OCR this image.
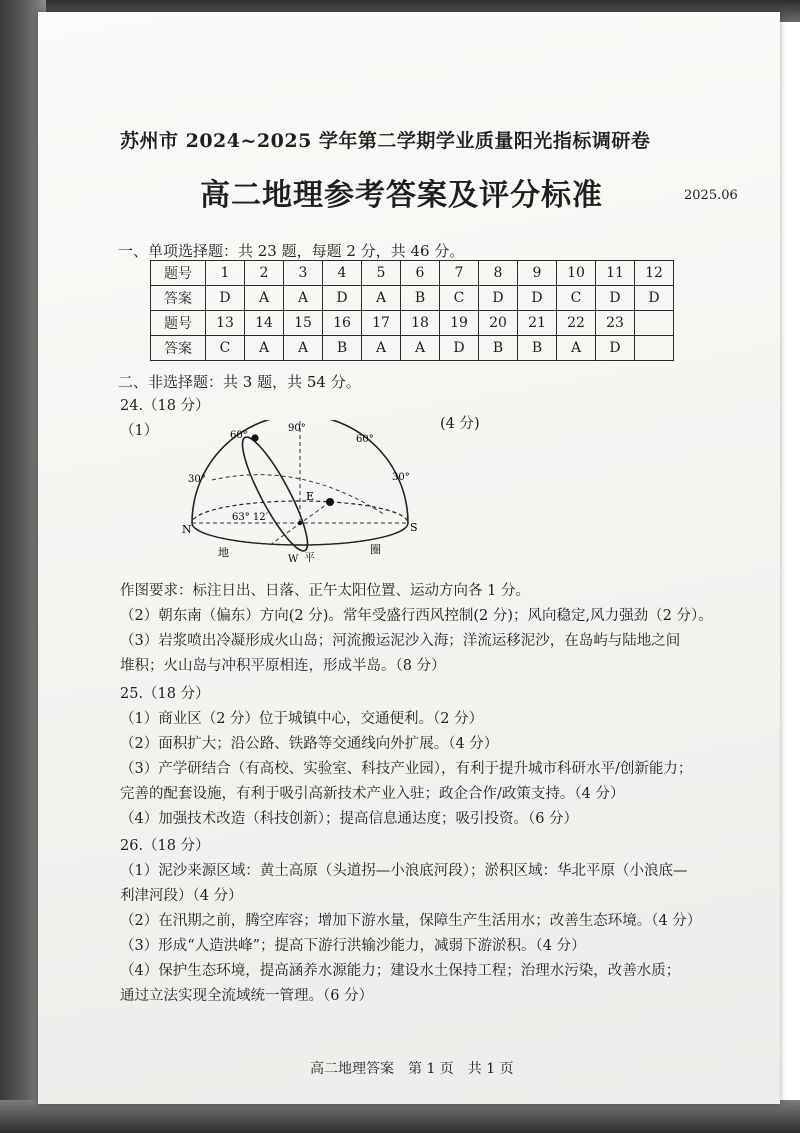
苏州市 2024~2025 学年第二学期学业质量阳光指标调研卷
高二地理参考答案及评分标准	2025.06
一、单项选择题：共 23 题，每题 2 分，共 46 分。
题号	1	2	3	4	5	6	7	8	9	10	11	12
答案	D	A	A	D	A	B	C	D	D	C	D	D
题号	13	14	15	16	17	18	19	20	21	22	23	
答案	C	A	A	B	A	A	D	B	B	A	D	
二、非选择题：共 3 题，共 54 分。
24.（18 分）
（1）	(4 分)
90°
60°	60°
30°	30°
N	S
E
W
63° 12′
地	平
圈
作图要求：标注日出、日落、正午太阳位置、运动方向各 1 分。
（2）朝东南（偏东）方向(2 分)。常年受盛行西风控制(2 分)；风向稳定,风力强劲（2 分）。
（3）岩浆喷出冷凝形成火山岛；河流搬运泥沙入海；洋流运移泥沙，在岛屿与陆地之间
堆积；火山岛与冲积平原相连，形成半岛。（8 分）
25.（18 分）
（1）商业区（2 分）位于城镇中心，交通便利。（2 分）
（2）面积扩大；沿公路、铁路等交通线向外扩展。（4 分）
（3）产学研结合（有高校、实验室、科技产业园），有利于提升城市科研水平/创新能力；
完善的配套设施，有利于吸引高新技术产业入驻；政企合作/政策支持。（4 分）
（4）加强技术改造（科技创新）；提高信息通达度；吸引投资。（6 分）
26.（18 分）
（1）泥沙来源区域：黄土高原（头道拐—小浪底河段）；淤积区域：华北平原（小浪底—
利津河段）（4 分）
（2）在汛期之前，腾空库容；增加下游水量，保障生产生活用水；改善生态环境。（4 分）
（3）形成“人造洪峰”；提高下游行洪输沙能力，减弱下游淤积。（4 分）
（4）保护生态环境，提高涵养水源能力；建设水土保持工程；治理水污染，改善水质；
通过立法实现全流域统一管理。（6 分）
高二地理答案　第 1 页　共 1 页
